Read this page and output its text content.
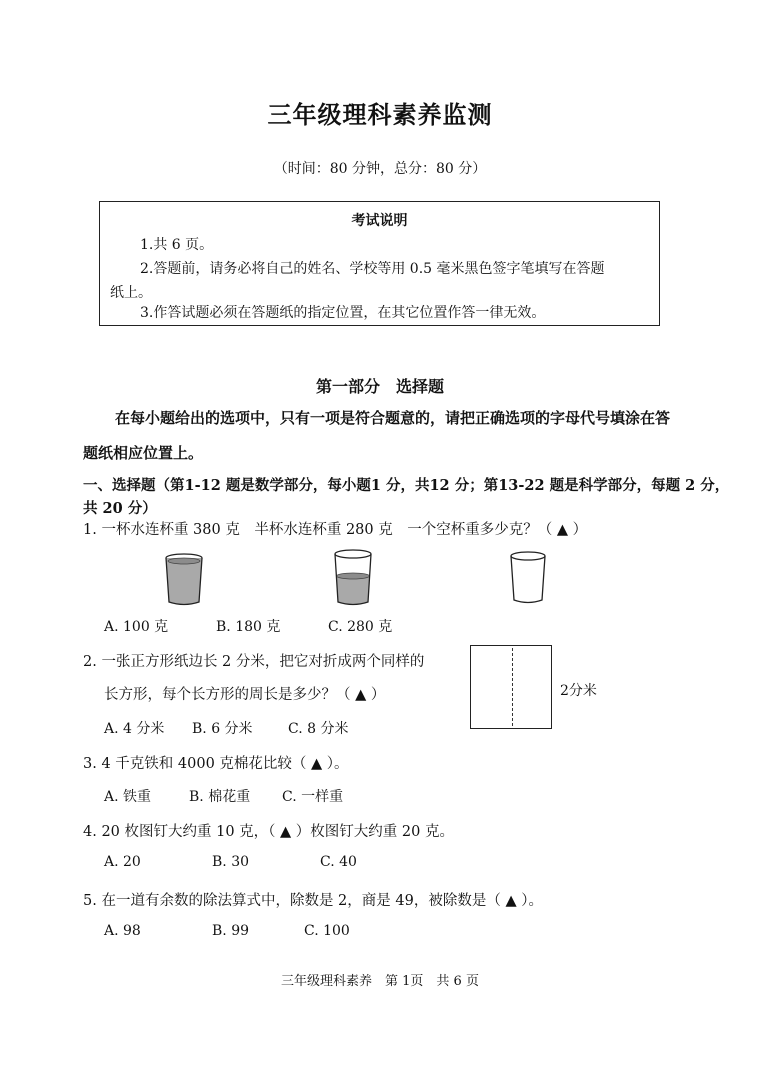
三年级理科素养监测
（时间：80 分钟，总分：80 分）
考试说明
1.共 6 页。
2.答题前，请务必将自己的姓名、学校等用 0.5 毫米黑色签字笔填写在答题
纸上。
3.作答试题必须在答题纸的指定位置，在其它位置作答一律无效。
第一部分　选择题
在每小题给出的选项中，只有一项是符合题意的，请把正确选项的字母代号填涂在答
题纸相应位置上。
一、选择题（第1-12 题是数学部分，每小题1 分，共12 分；第13-22 题是科学部分，每题 2 分，
共 20 分）
1. 一杯水连杯重 380 克　半杯水连杯重 280 克　一个空杯重多少克？（ ▲ ）
A. 100 克	B. 180 克	C. 280 克
2. 一张正方形纸边长 2 分米，把它对折成两个同样的
长方形，每个长方形的周长是多少？（ ▲ ）	2分米
A. 4 分米 B. 6 分米	C. 8 分米
3. 4 千克铁和 4000 克棉花比较（ ▲ ）。
A. 铁重	B. 棉花重 C. 一样重
4. 20 枚图钉大约重 10 克，（ ▲ ）枚图钉大约重 20 克。
A. 20	B. 30	C. 40
5. 在一道有余数的除法算式中，除数是 2，商是 49，被除数是（ ▲ ）。
A. 98	B. 99	C. 100
三年级理科素养　第 1页　共 6 页
